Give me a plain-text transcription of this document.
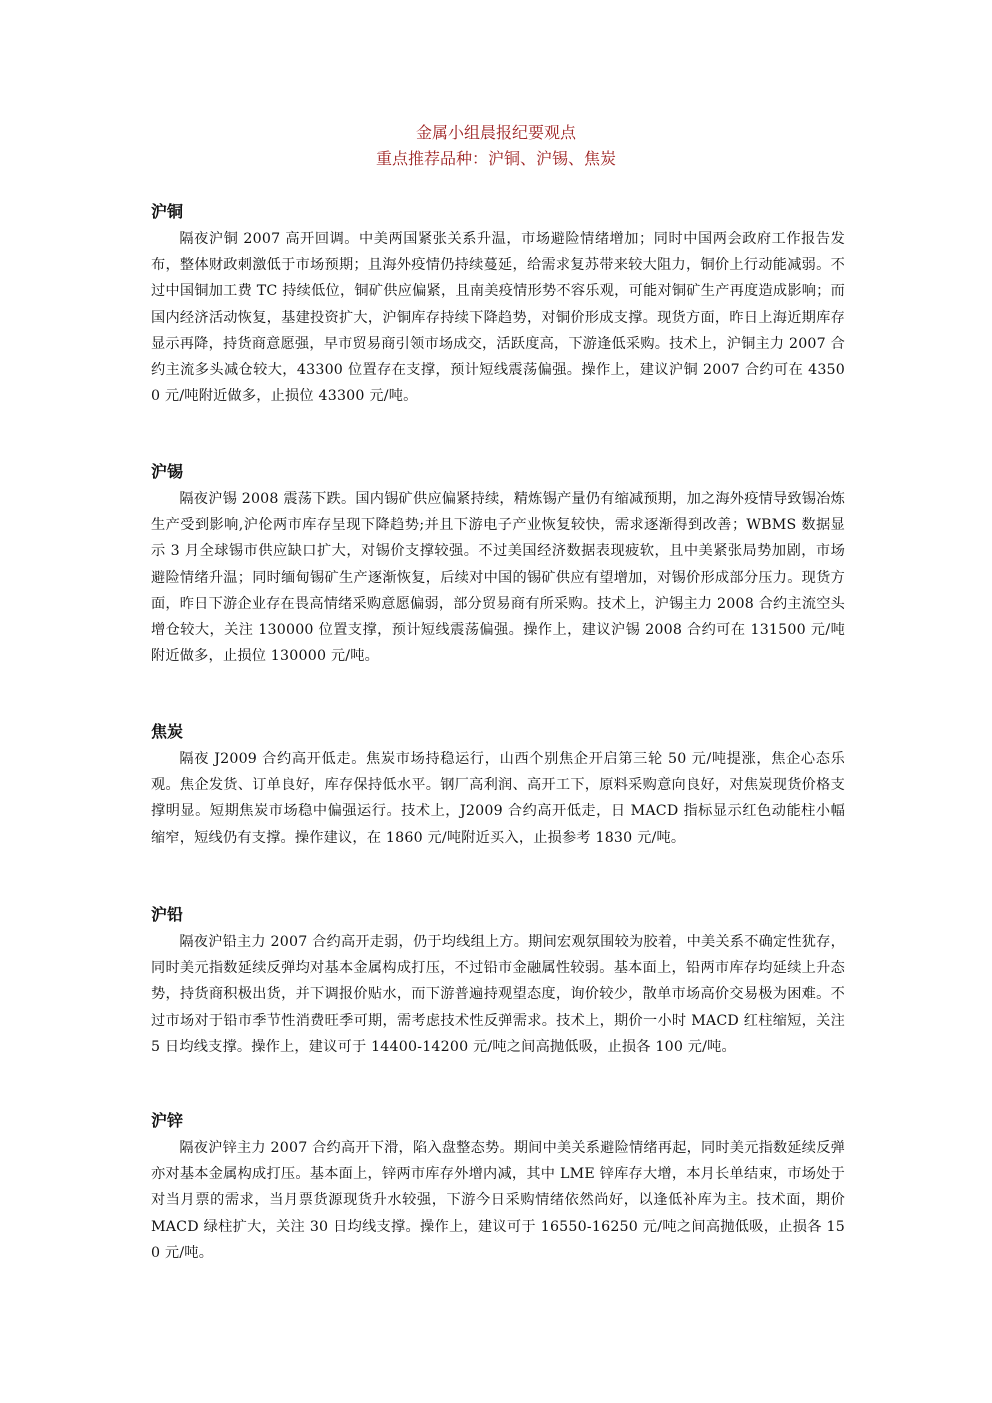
金属小组晨报纪要观点
重点推荐品种：沪铜、沪锡、焦炭
沪铜

隔夜沪铜 2007 高开回调。中美两国紧张关系升温，市场避险情绪增加；同时中国两会政府工作报告发布，整体财政刺激低于市场预期；且海外疫情仍持续蔓延，给需求复苏带来较大阻力，铜价上行动能减弱。不过中国铜加工费 TC 持续低位，铜矿供应偏紧，且南美疫情形势不容乐观，可能对铜矿生产再度造成影响；而国内经济活动恢复，基建投资扩大，沪铜库存持续下降趋势，对铜价形成支撑。现货方面，昨日上海近期库存显示再降，持货商意愿强，早市贸易商引领市场成交，活跃度高，下游逢低采购。技术上，沪铜主力 2007 合约主流多头减仓较大，43300 位置存在支撑，预计短线震荡偏强。操作上，建议沪铜 2007 合约可在 43500 元/吨附近做多，止损位 43300 元/吨。

沪锡

隔夜沪锡 2008 震荡下跌。国内锡矿供应偏紧持续，精炼锡产量仍有缩减预期，加之海外疫情导致锡冶炼生产受到影响,沪伦两市库存呈现下降趋势;并且下游电子产业恢复较快，需求逐渐得到改善；WBMS 数据显示 3 月全球锡市供应缺口扩大，对锡价支撑较强。不过美国经济数据表现疲软，且中美紧张局势加剧，市场避险情绪升温；同时缅甸锡矿生产逐渐恢复，后续对中国的锡矿供应有望增加，对锡价形成部分压力。现货方面，昨日下游企业存在畏高情绪采购意愿偏弱，部分贸易商有所采购。技术上，沪锡主力 2008 合约主流空头增仓较大，关注 130000 位置支撑，预计短线震荡偏强。操作上，建议沪锡 2008 合约可在 131500 元/吨附近做多，止损位 130000 元/吨。

焦炭

隔夜 J2009 合约高开低走。焦炭市场持稳运行，山西个别焦企开启第三轮 50 元/吨提涨，焦企心态乐观。焦企发货、订单良好，库存保持低水平。钢厂高利润、高开工下，原料采购意向良好，对焦炭现货价格支撑明显。短期焦炭市场稳中偏强运行。技术上，J2009 合约高开低走，日 MACD 指标显示红色动能柱小幅缩窄，短线仍有支撑。操作建议，在 1860 元/吨附近买入，止损参考 1830 元/吨。

沪铅

隔夜沪铅主力 2007 合约高开走弱，仍于均线组上方。期间宏观氛围较为胶着，中美关系不确定性犹存，同时美元指数延续反弹均对基本金属构成打压，不过铅市金融属性较弱。基本面上，铅两市库存均延续上升态势，持货商积极出货，并下调报价贴水，而下游普遍持观望态度，询价较少，散单市场高价交易极为困难。不过市场对于铅市季节性消费旺季可期，需考虑技术性反弹需求。技术上，期价一小时 MACD 红柱缩短，关注 5 日均线支撑。操作上，建议可于 14400-14200 元/吨之间高抛低吸，止损各 100 元/吨。

沪锌

隔夜沪锌主力 2007 合约高开下滑，陷入盘整态势。期间中美关系避险情绪再起，同时美元指数延续反弹亦对基本金属构成打压。基本面上，锌两市库存外增内减，其中 LME 锌库存大增，本月长单结束，市场处于对当月票的需求，当月票货源现货升水较强，下游今日采购情绪依然尚好，以逢低补库为主。技术面，期价 MACD 绿柱扩大，关注 30 日均线支撑。操作上，建议可于 16550-16250 元/吨之间高抛低吸，止损各 150 元/吨。
